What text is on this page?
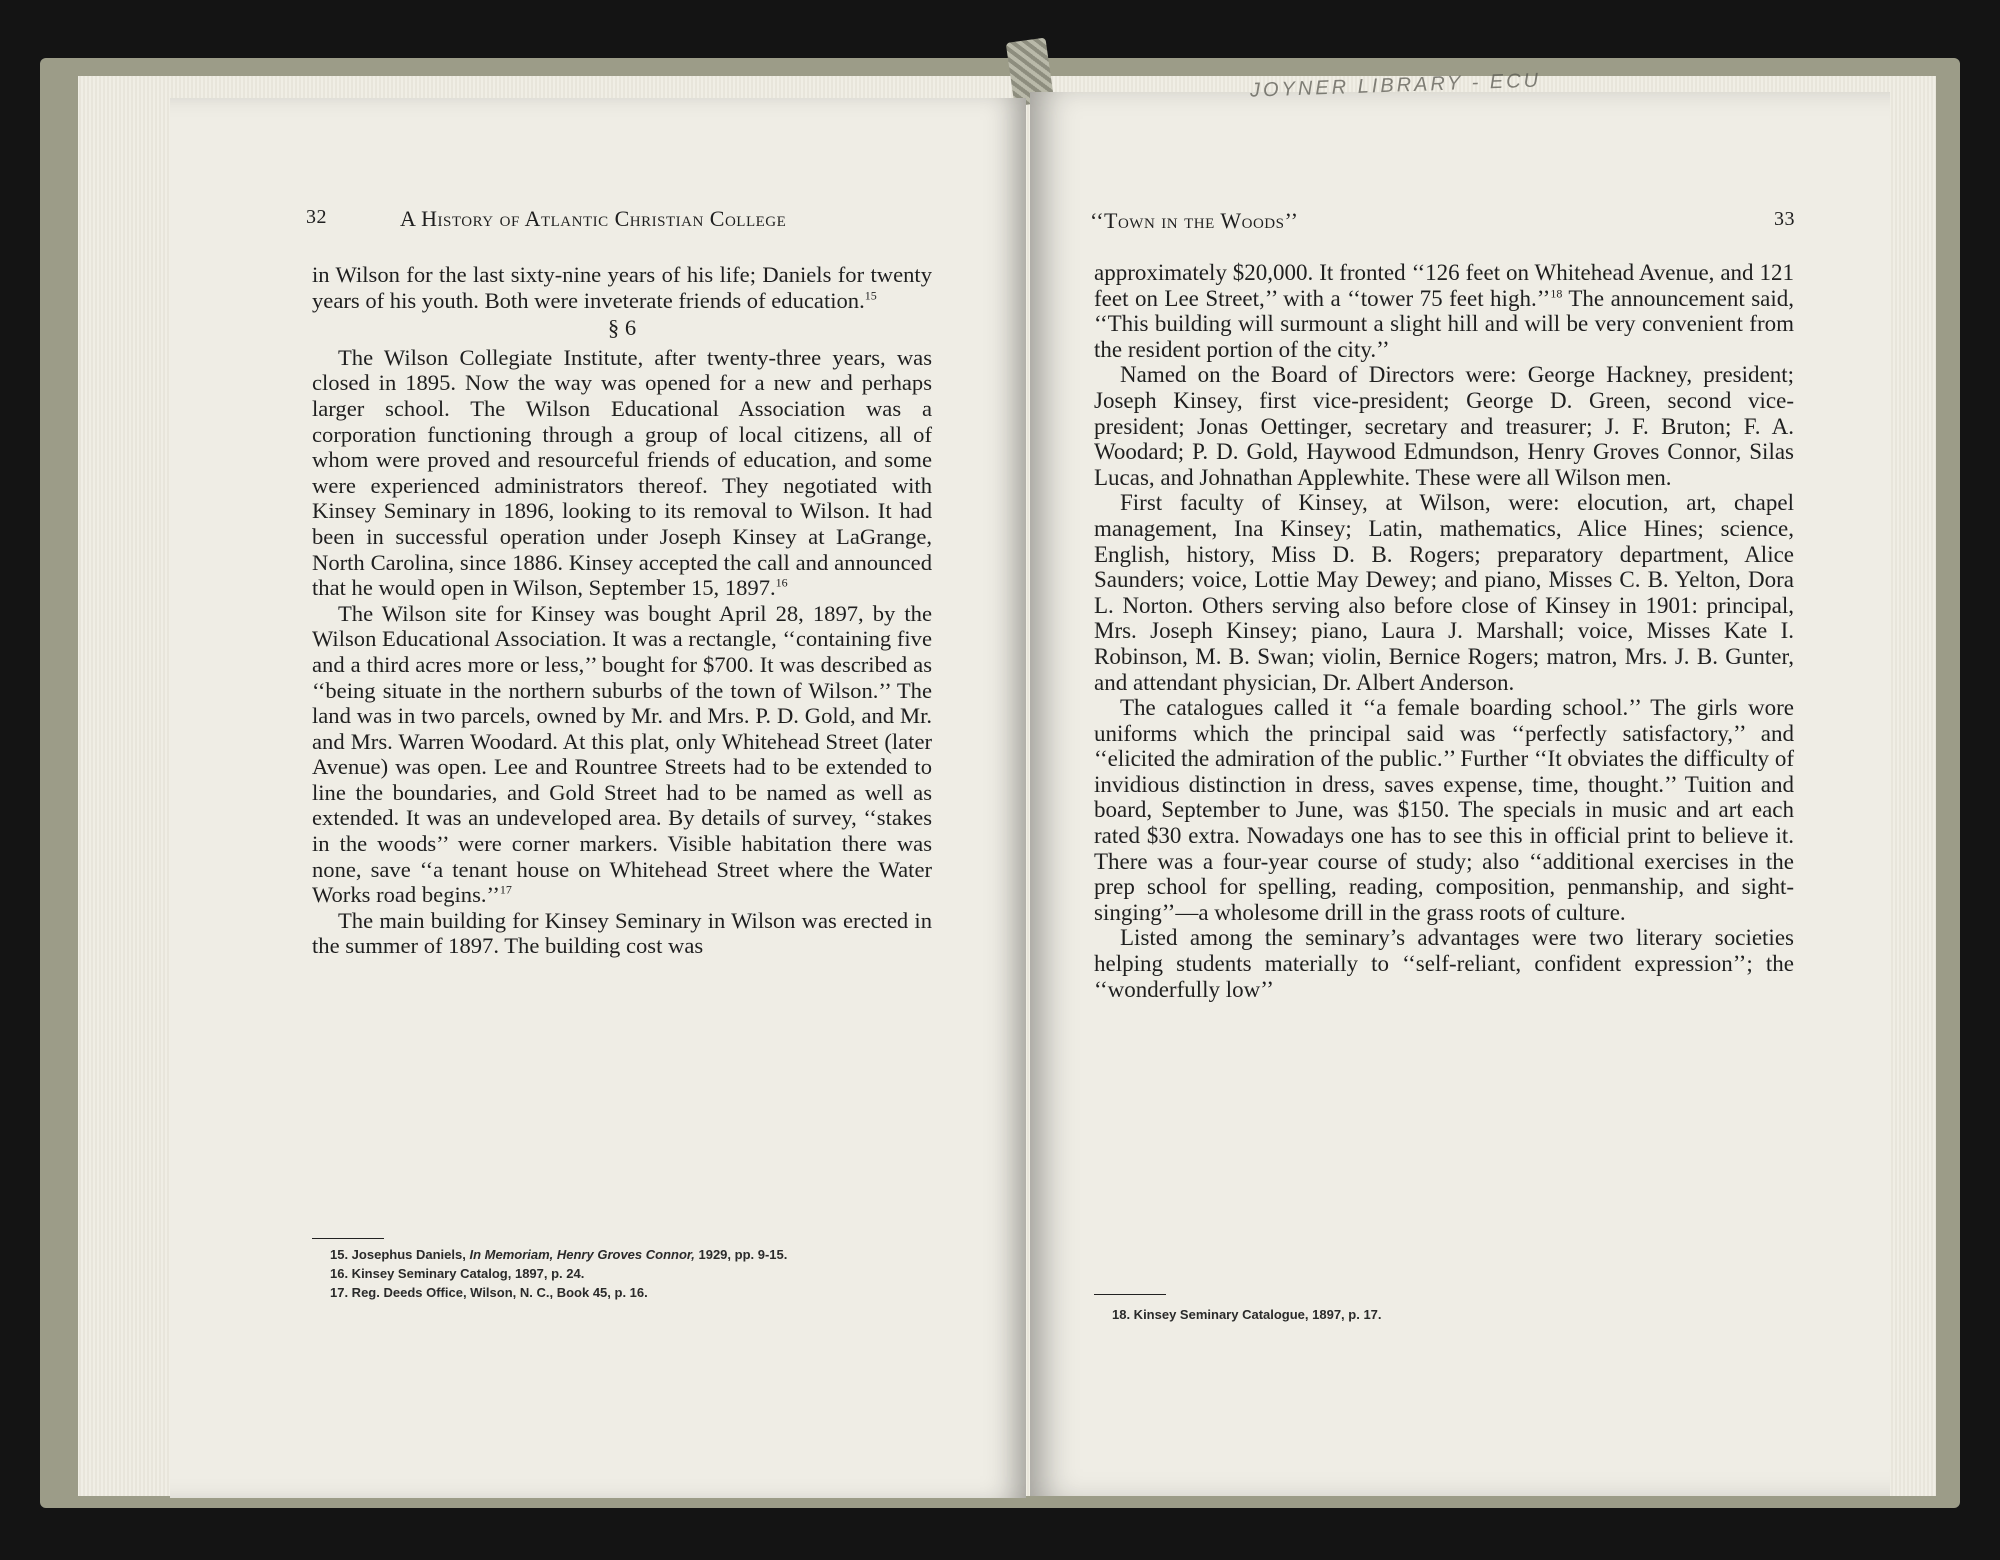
32	A History of Atlantic Christian College

in Wilson for the last sixty-nine years of his life; Daniels for twenty years of his youth. Both were inveterate friends of education.$^{15}$

§ 6

The Wilson Collegiate Institute, after twenty-three years, was closed in 1895. Now the way was opened for a new and perhaps larger school. The Wilson Educational Association was a corporation functioning through a group of local citizens, all of whom were proved and resourceful friends of education, and some were experienced administrators thereof. They negotiated with Kinsey Seminary in 1896, looking to its removal to Wilson. It had been in successful operation under Joseph Kinsey at LaGrange, North Carolina, since 1886. Kinsey accepted the call and announced that he would open in Wilson, September 15, 1897.16

The Wilson site for Kinsey was bought April 28, 1897, by the Wilson Educational Association. It was a rectangle, ‘‘containing five and a third acres more or less,’’ bought for $700. It was described as ‘‘being situate in the northern suburbs of the town of Wilson.’’ The land was in two parcels, owned by Mr. and Mrs. P. D. Gold, and Mr. and Mrs. Warren Woodard. At this plat, only Whitehead Street (later Avenue) was open. Lee and Rountree Streets had to be extended to line the boundaries, and Gold Street had to be named as well as extended. It was an undeveloped area. By details of survey, ‘‘stakes in the woods’’ were corner markers. Visible habitation there was none, save ‘‘a tenant house on Whitehead Street where the Water Works road begins.’’$^{17}$

The main building for Kinsey Seminary in Wilson was erected in the summer of 1897. The building cost was

15. Josephus Daniels, In Memoriam, Henry Groves Connor, 1929, pp. 9-15.

16. Kinsey Seminary Catalog, 1897, p. 24.

17. Reg. Deeds Office, Wilson, N. C., Book 45, p. 16.

‘‘Town in the Woods’’	33

approximately $20,000. It fronted ‘‘126 feet on Whitehead Avenue, and 121 feet on Lee Street,’’ with a ‘‘tower 75 feet high.’’$^{18}$ The announcement said, ‘‘This building will surmount a slight hill and will be very convenient from the resident portion of the city.’’

Named on the Board of Directors were: George Hackney, president; Joseph Kinsey, first vice-president; George D. Green, second vice-president; Jonas Oettinger, secretary and treasurer; J. F. Bruton; F. A. Woodard; P. D. Gold, Haywood Edmundson, Henry Groves Connor, Silas Lucas, and Johnathan Applewhite. These were all Wilson men.

First faculty of Kinsey, at Wilson, were: elocution, art, chapel management, Ina Kinsey; Latin, mathematics, Alice Hines; science, English, history, Miss D. B. Rogers; preparatory department, Alice Saunders; voice, Lottie May Dewey; and piano, Misses C. B. Yelton, Dora L. Norton. Others serving also before close of Kinsey in 1901: principal, Mrs. Joseph Kinsey; piano, Laura J. Marshall; voice, Misses Kate I. Robinson, M. B. Swan; violin, Bernice Rogers; matron, Mrs. J. B. Gunter, and attendant physician, Dr. Albert Anderson.

The catalogues called it ‘‘a female boarding school.’’ The girls wore uniforms which the principal said was ‘‘perfectly satisfactory,’’ and ‘‘elicited the admiration of the public.’’ Further ‘‘It obviates the difficulty of invidious distinction in dress, saves expense, time, thought.’’ Tuition and board, September to June, was $150. The specials in music and art each rated $30 extra. Nowadays one has to see this in official print to believe it. There was a four-year course of study; also ‘‘additional exercises in the prep school for spelling, reading, composition, penmanship, and sight-singing’’—a wholesome drill in the grass roots of culture.

Listed among the seminary’s advantages were two literary societies helping students materially to ‘‘self-reliant, confident expression’’; the ‘‘wonderfully low’’

18. Kinsey Seminary Catalogue, 1897, p. 17.

JOYNER LIBRARY - ECU
